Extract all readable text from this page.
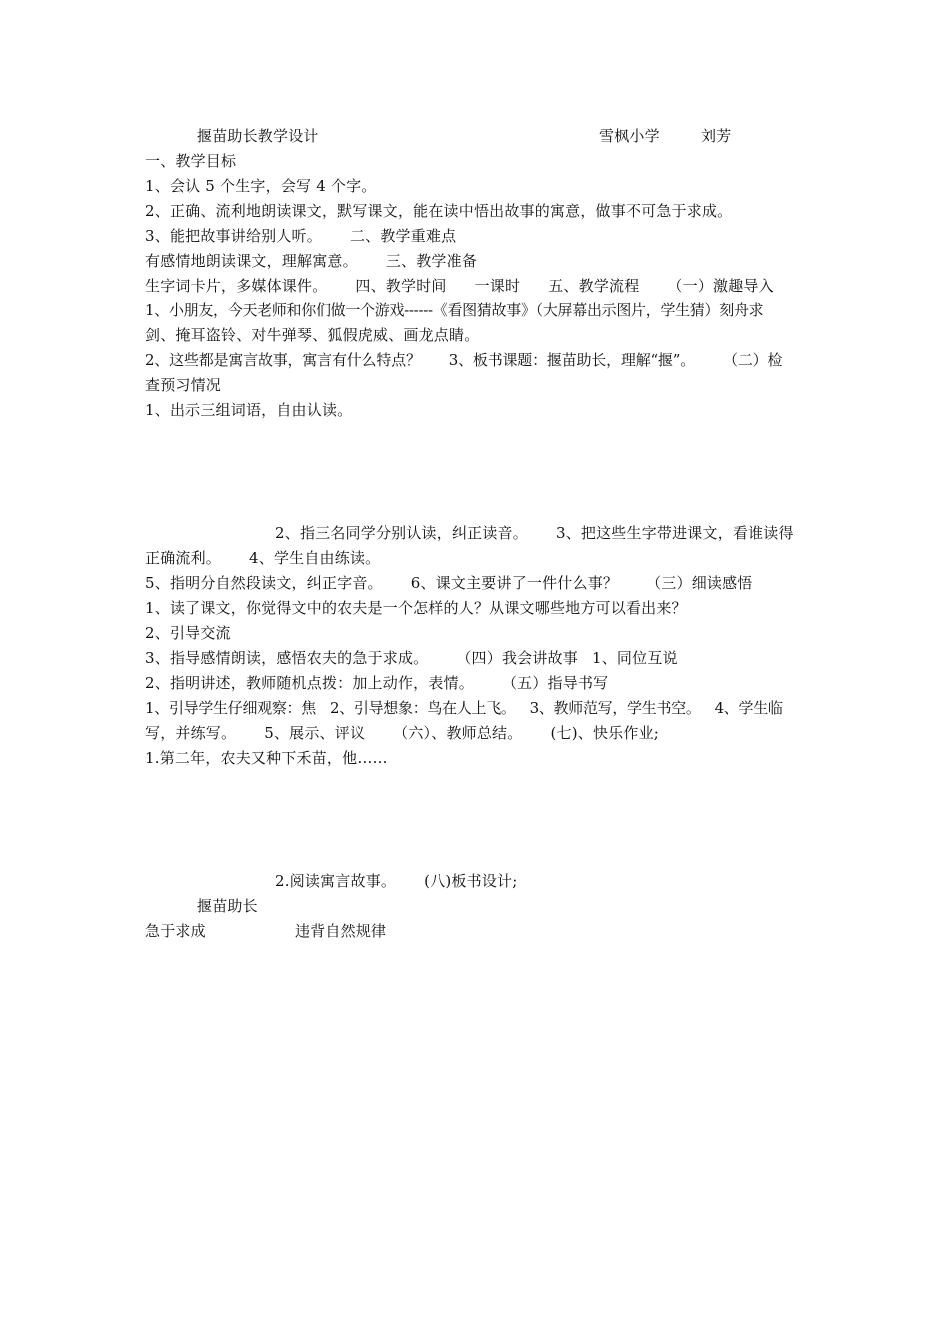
揠苗助长教学设计	雪枫小学	刘芳
一、教学目标
1、会认 5 个生字，会写 4 个字。
2、正确、流利地朗读课文，默写课文，能在读中悟出故事的寓意，做事不可急于求成。
3、能把故事讲给别人听。 二、教学重难点
有感情地朗读课文，理解寓意。 三、教学准备
生字词卡片，多媒体课件。 四、教学时间 一课时 五、教学流程 （一）激趣导入
1、小朋友，今天老师和你们做一个游戏------《看图猜故事》（大屏幕出示图片，学生猜）刻舟求
剑、掩耳盗铃、对牛弹琴、狐假虎威、画龙点睛。
2、这些都是寓言故事，寓言有什么特点？ 3、板书课题：揠苗助长，理解“揠”。 （二）检
查预习情况
1、出示三组词语，自由认读。
2、指三名同学分别认读，纠正读音。 3、把这些生字带进课文，看谁读得
正确流利。 4、学生自由练读。
5、指明分自然段读文，纠正字音。 6、课文主要讲了一件什么事？ （三）细读感悟
1、读了课文，你觉得文中的农夫是一个怎样的人？从课文哪些地方可以看出来？
2、引导交流
3、指导感情朗读，感悟农夫的急于求成。 （四）我会讲故事 1、同位互说
2、指明讲述，教师随机点拨：加上动作，表情。 （五）指导书写
1、引导学生仔细观察：焦 2、引导想象：鸟在人上飞。 3、教师范写，学生书空。 4、学生临
写，并练写。 5、展示、评议 （六）、教师总结。 (七)、快乐作业;
1.第二年，农夫又种下禾苗，他……
2.阅读寓言故事。 (八)板书设计;
揠苗助长
急于求成	违背自然规律
